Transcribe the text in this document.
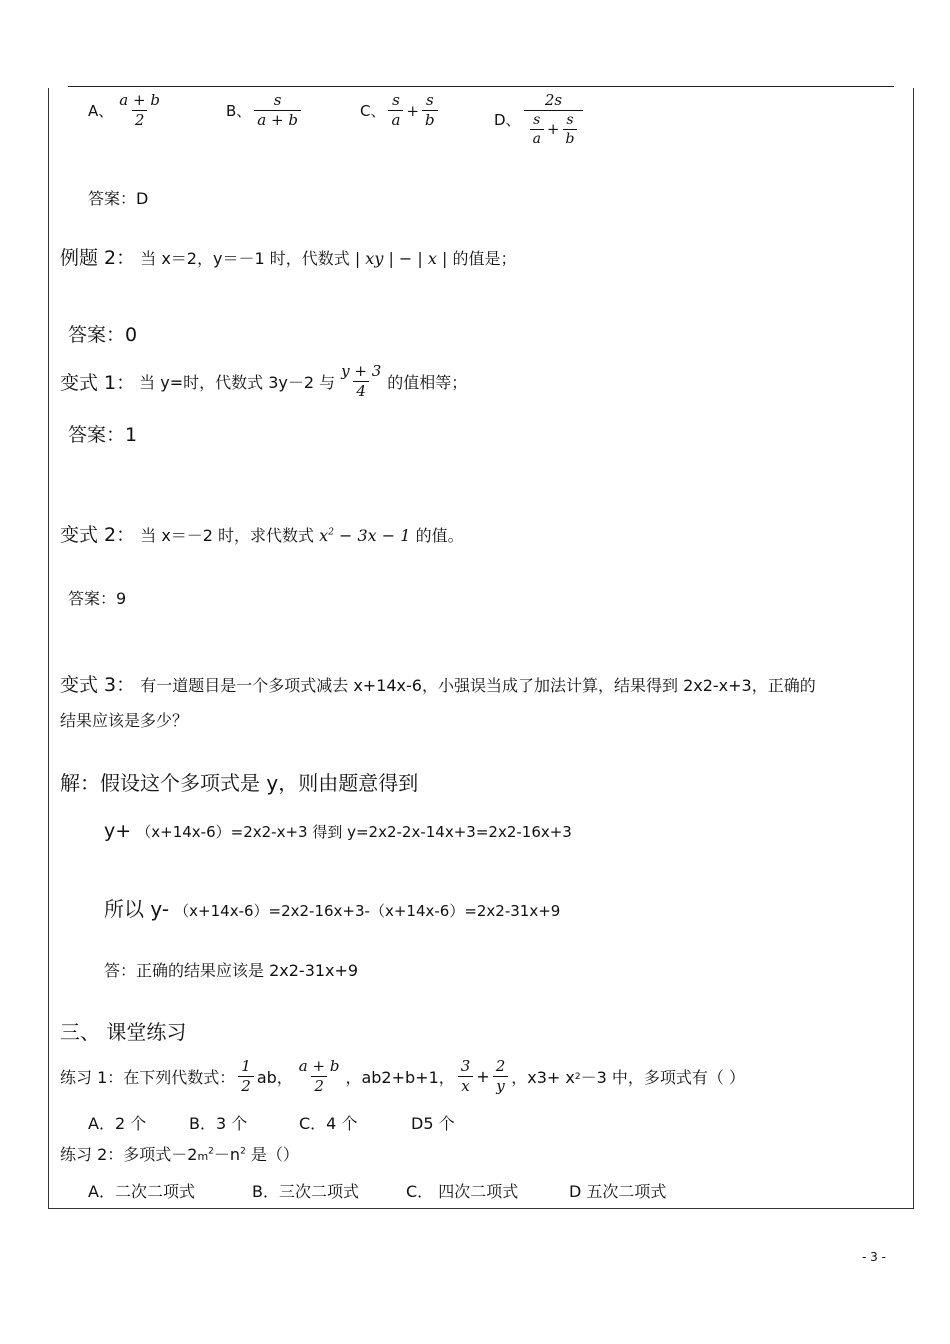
A、 $\frac{a + b}{2}$	B、 $\frac{s}{a + b}$	C、 $\frac{s}{a} + \frac{s}{b}$	D、 $\frac{2s}{\frac{s}{a} + \frac{s}{b}}$
答案：D
例题 2： 当 x＝2，y＝－1 时，代数式 | xy | − | x | 的值是；
答案：0
变式 1： 当 y=时，代数式 3y－2 与 $\frac{y + 3}{4}$ 的值相等；
答案：1
变式 2： 当 x＝－2 时，求代数式 $x^2 - 3x - 1$ 的值。
答案：9
变式 3： 有一道题目是一个多项式减去 x+14x-6，小强误当成了加法计算，结果得到 2x2-x+3，正确的
结果应该是多少？
解：假设这个多项式是 y，则由题意得到
y+ （x+14x-6）=2x2-x+3 得到 y=2x2-2x-14x+3=2x2-16x+3
所以 y- （x+14x-6）=2x2-16x+3-（x+14x-6）=2x2-31x+9
答：正确的结果应该是 2x2-31x+9
三、 课堂练习
练习 1：在下列代数式： $\frac{1}{2}$ ab， $\frac{a + b}{2}$ ，ab2+b+1， $\frac{3}{x} + \frac{2}{y}$ ，x3+ x 2 －3 中，多项式有（ ）
A．2 个	B．3 个	C．4 个	D5 个
练习 2：多项式$-2m^2-n^2$ 是（）
A．二次二项式	B．三次二项式	C． 四次二项式	D 五次二项式
- 3 -
